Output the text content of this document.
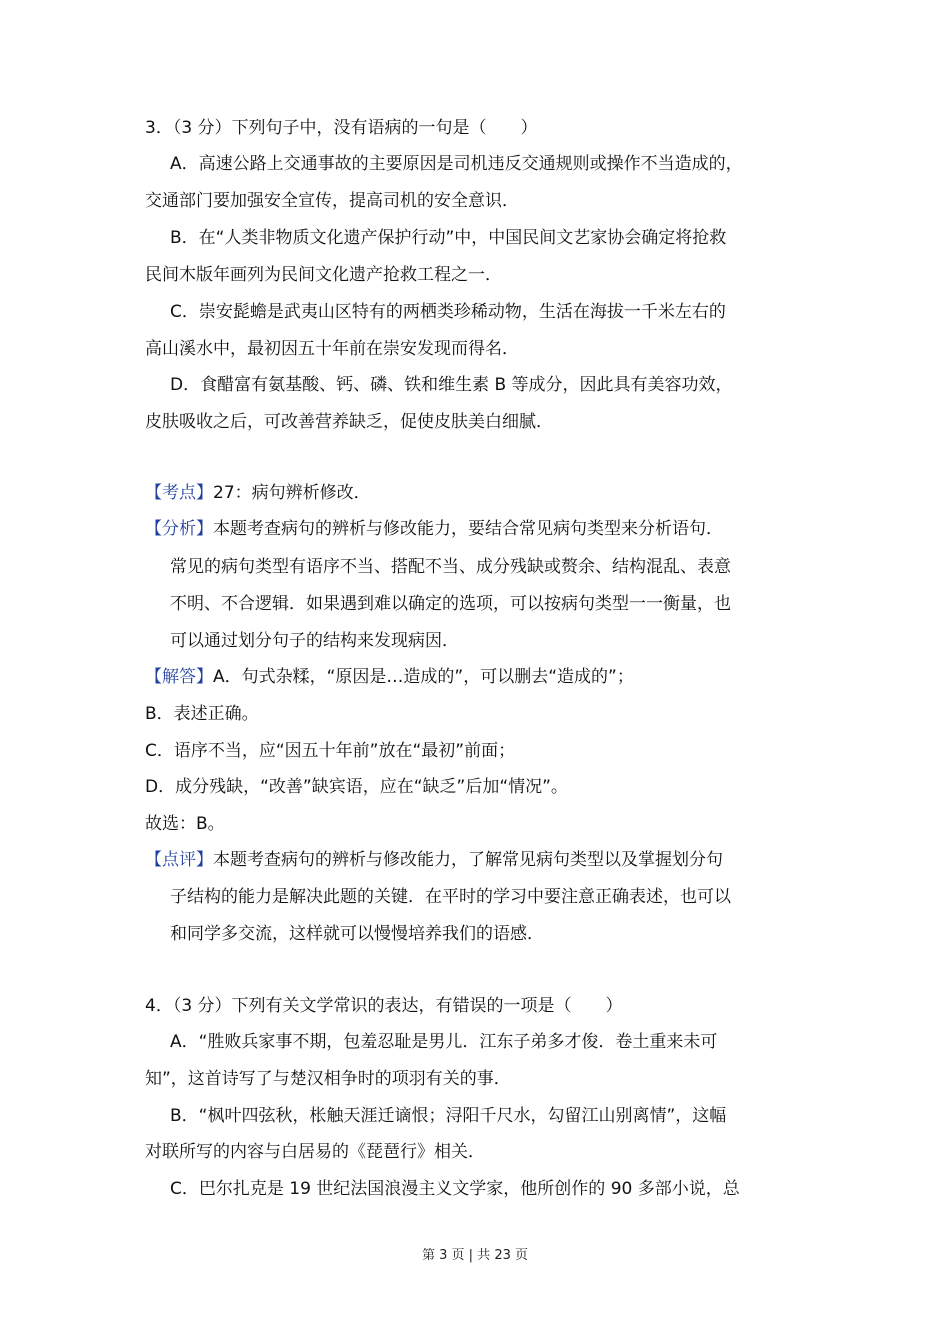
3．（3 分）下列句子中，没有语病的一句是（　　）
A．高速公路上交通事故的主要原因是司机违反交通规则或操作不当造成的，
交通部门要加强安全宣传，提高司机的安全意识．
B．在“人类非物质文化遗产保护行动”中，中国民间文艺家协会确定将抢救
民间木版年画列为民间文化遗产抢救工程之一．
C．崇安髭蟾是武夷山区特有的两栖类珍稀动物，生活在海拔一千米左右的
高山溪水中，最初因五十年前在崇安发现而得名．
D．食醋富有氨基酸、钙、磷、铁和维生素 B 等成分，因此具有美容功效，
皮肤吸收之后，可改善营养缺乏，促使皮肤美白细腻．
【考点】27：病句辨析修改．
【分析】本题考查病句的辨析与修改能力，要结合常见病句类型来分析语句．
常见的病句类型有语序不当、搭配不当、成分残缺或赘余、结构混乱、表意
不明、不合逻辑．如果遇到难以确定的选项，可以按病句类型一一衡量，也
可以通过划分句子的结构来发现病因．
【解答】A．句式杂糅，“原因是…造成的”，可以删去“造成的”；
B．表述正确。
C．语序不当，应“因五十年前”放在“最初”前面；
D．成分残缺，“改善”缺宾语，应在“缺乏”后加“情况”。
故选：B。
【点评】本题考查病句的辨析与修改能力，了解常见病句类型以及掌握划分句
子结构的能力是解决此题的关键．在平时的学习中要注意正确表述，也可以
和同学多交流，这样就可以慢慢培养我们的语感．
4．（3 分）下列有关文学常识的表达，有错误的一项是（　　）
A．“胜败兵家事不期，包羞忍耻是男儿．江东子弟多才俊．卷土重来未可
知”，这首诗写了与楚汉相争时的项羽有关的事．
B．“枫叶四弦秋，枨触天涯迁谪恨；浔阳千尺水，勾留江山别离情”，这幅
对联所写的内容与白居易的《琵琶行》相关．
C．巴尔扎克是 19 世纪法国浪漫主义文学家，他所创作的 90 多部小说，总
第 3 页 | 共 23 页
